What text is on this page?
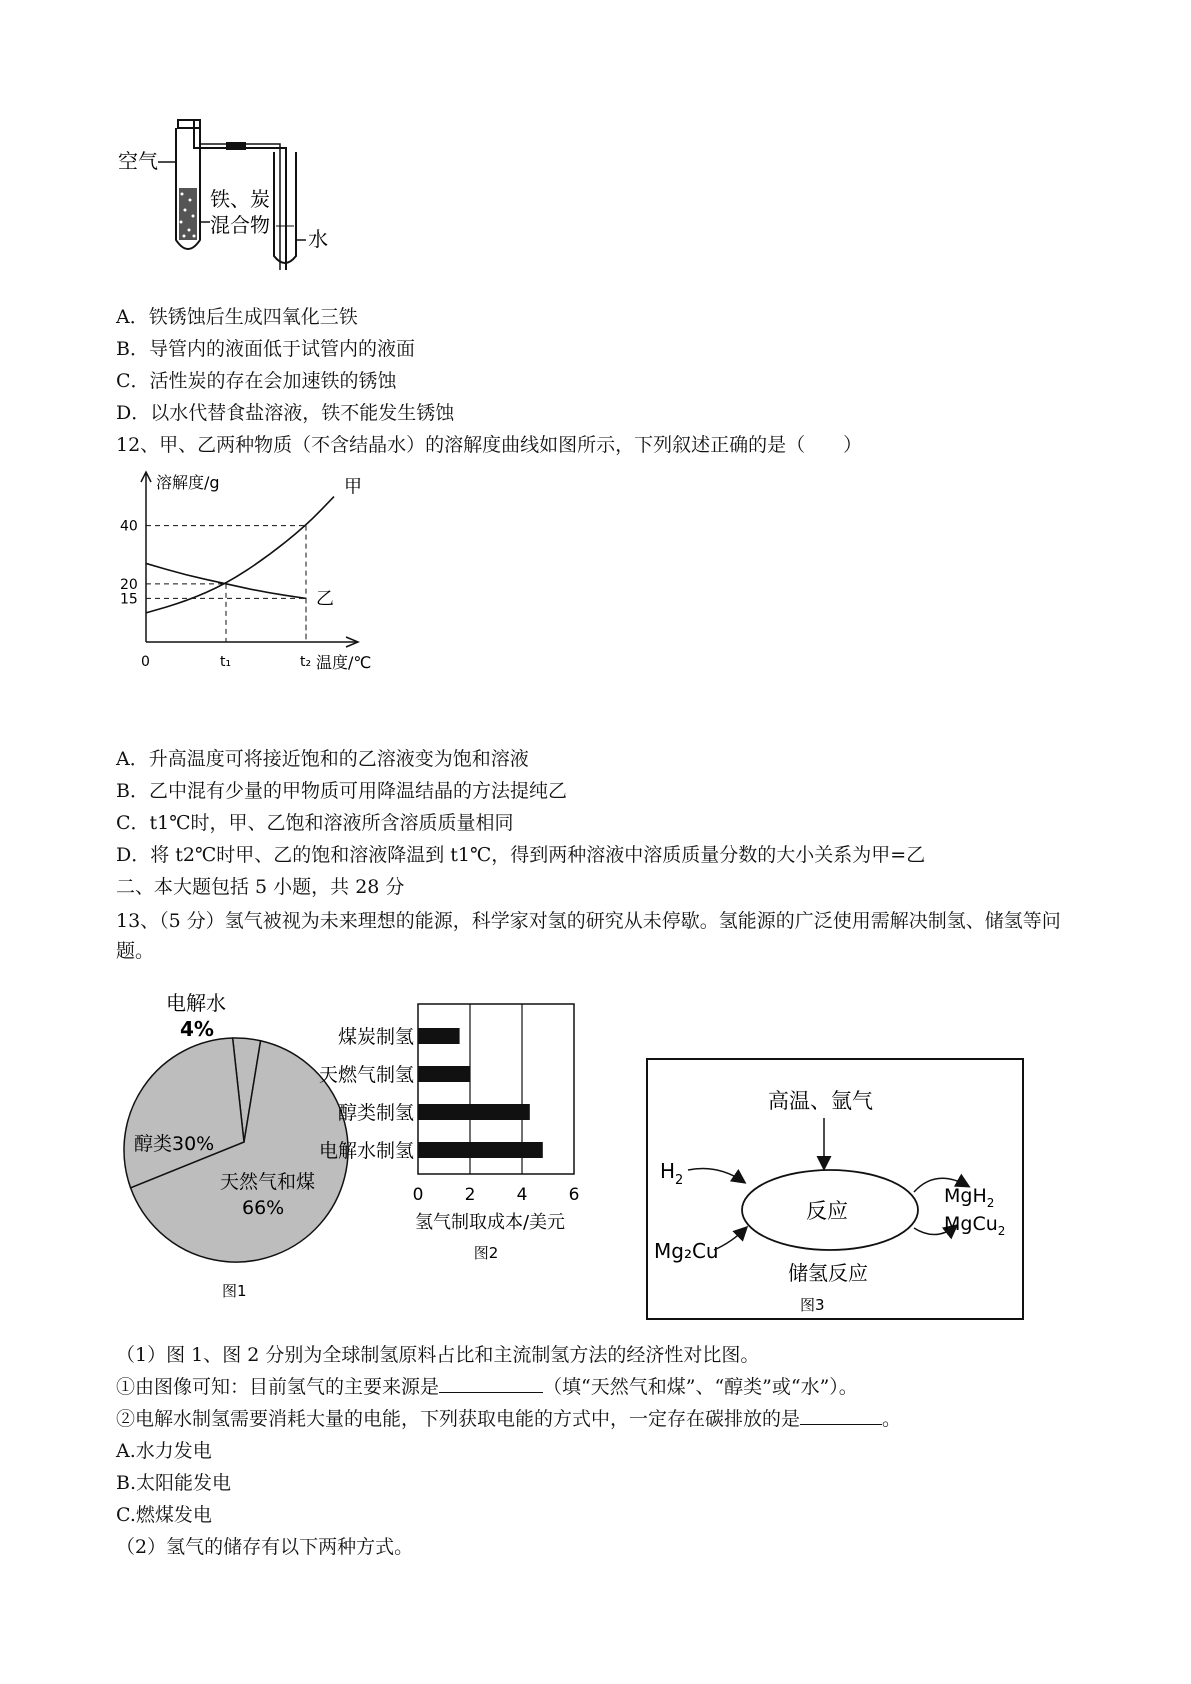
空气
铁、炭
混合物
水
A．铁锈蚀后生成四氧化三铁
B．导管内的液面低于试管内的液面
C．活性炭的存在会加速铁的锈蚀
D．以水代替食盐溶液，铁不能发生锈蚀
12、甲、乙两种物质（不含结晶水）的溶解度曲线如图所示，下列叙述正确的是（　　）
溶解度/g
温度/℃
0
40
20
15
t₁	t₂
甲
乙
A．升高温度可将接近饱和的乙溶液变为饱和溶液
B．乙中混有少量的甲物质可用降温结晶的方法提纯乙
C．t1℃时，甲、乙饱和溶液所含溶质质量相同
D．将 t2℃时甲、乙的饱和溶液降温到 t1℃，得到两种溶液中溶质质量分数的大小关系为甲=乙
二、本大题包括 5 小题，共 28 分
13、（5 分）氢气被视为未来理想的能源，科学家对氢的研究从未停歇。氢能源的广泛使用需解决制氢、储氢等问题。
电解水
4%
醇类30%
天然气和煤
66%
图1
煤炭制氢
天燃气制氢
醇类制氢
电解水制氢
0 2 4 6
氢气制取成本/美元
图2
高温、氩气
反应
$H_2$
Mg₂Cu
MgH$_2$
MgCu$_2$
储氢反应
图3
（1）图 1、图 2 分别为全球制氢原料占比和主流制氢方法的经济性对比图。
①由图像可知：目前氢气的主要来源是	（填“天然气和煤”、“醇类”或“水”）。
②电解水制氢需要消耗大量的电能，下列获取电能的方式中，一定存在碳排放的是	。
A.水力发电
B.太阳能发电
C.燃煤发电
（2）氢气的储存有以下两种方式。
